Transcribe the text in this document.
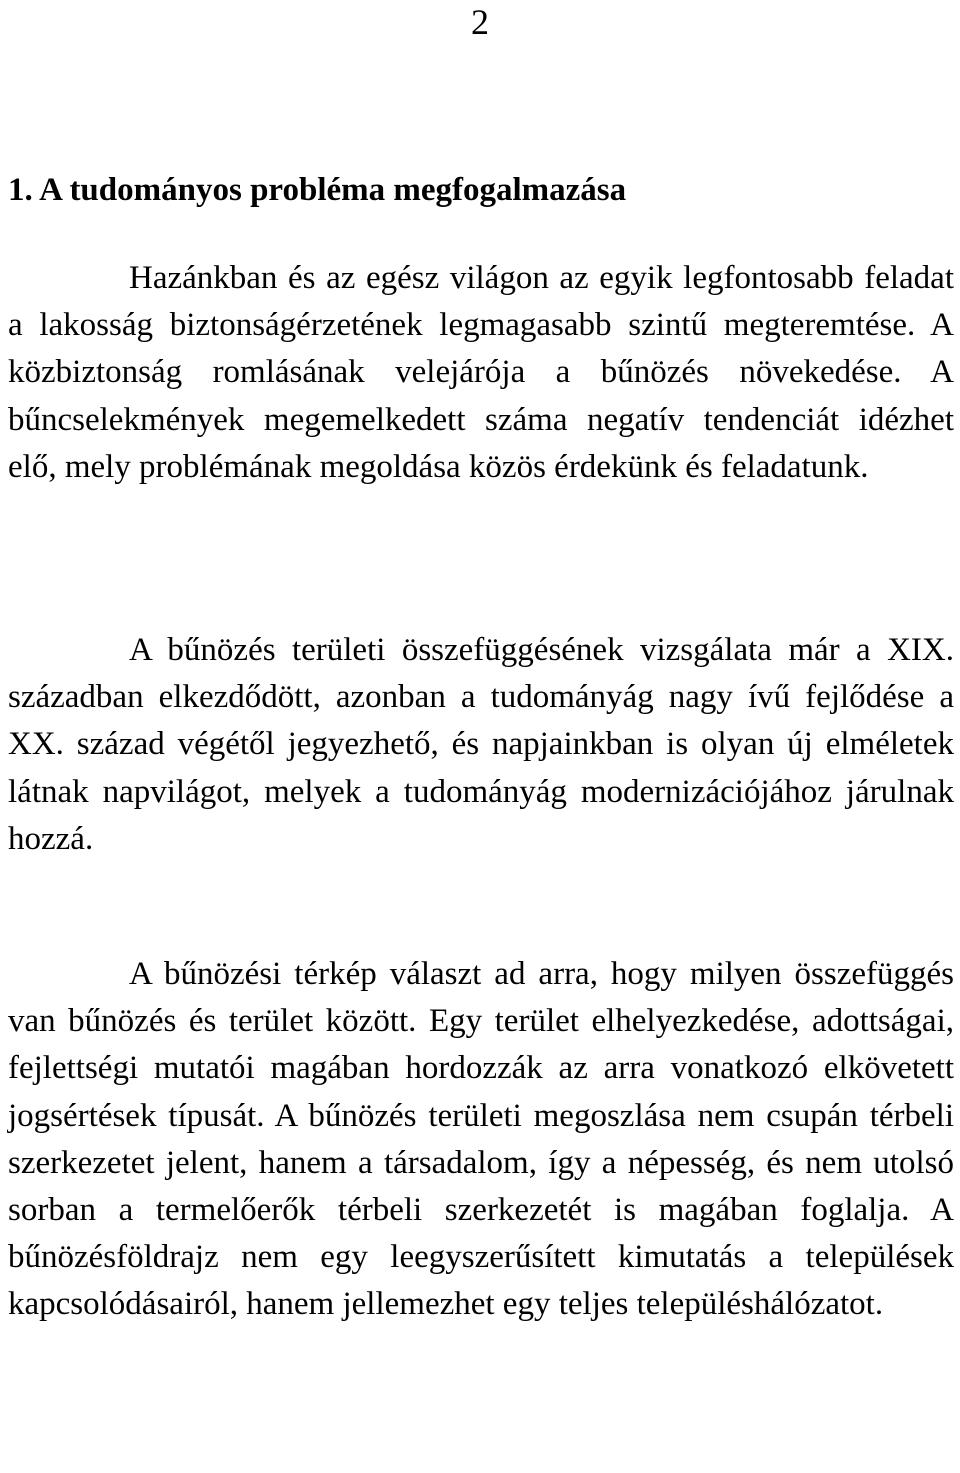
2

1. A tudományos probléma megfogalmazása

Hazánkban és az egész világon az egyik legfontosabb feladat a lakosság biztonságérzetének legmagasabb szintű megteremtése. A közbiztonság romlásának velejárója a bűnözés növekedése. A bűncselekmények megemelkedett száma negatív tendenciát idézhet elő, mely problémának megoldása közös érdekünk és feladatunk.

A bűnözés területi összefüggésének vizsgálata már a XIX. században elkezdődött, azonban a tudományág nagy ívű fejlődése a XX. század végétől jegyezhető, és napjainkban is olyan új elméletek látnak napvilágot, melyek a tudományág modernizációjához járulnak hozzá.

A bűnözési térkép választ ad arra, hogy milyen összefüggés van bűnözés és terület között. Egy terület elhelyezkedése, adottságai, fejlettségi mutatói magában hordozzák az arra vonatkozó elkövetett jogsértések típusát. A bűnözés területi megoszlása nem csupán térbeli szerkezetet jelent, hanem a társadalom, így a népesség, és nem utolsó sorban a termelőerők térbeli szerkezetét is magában foglalja. A bűnözésföldrajz nem egy leegyszerűsített kimutatás a települések kapcsolódásairól, hanem jellemezhet egy teljes településhálózatot.
